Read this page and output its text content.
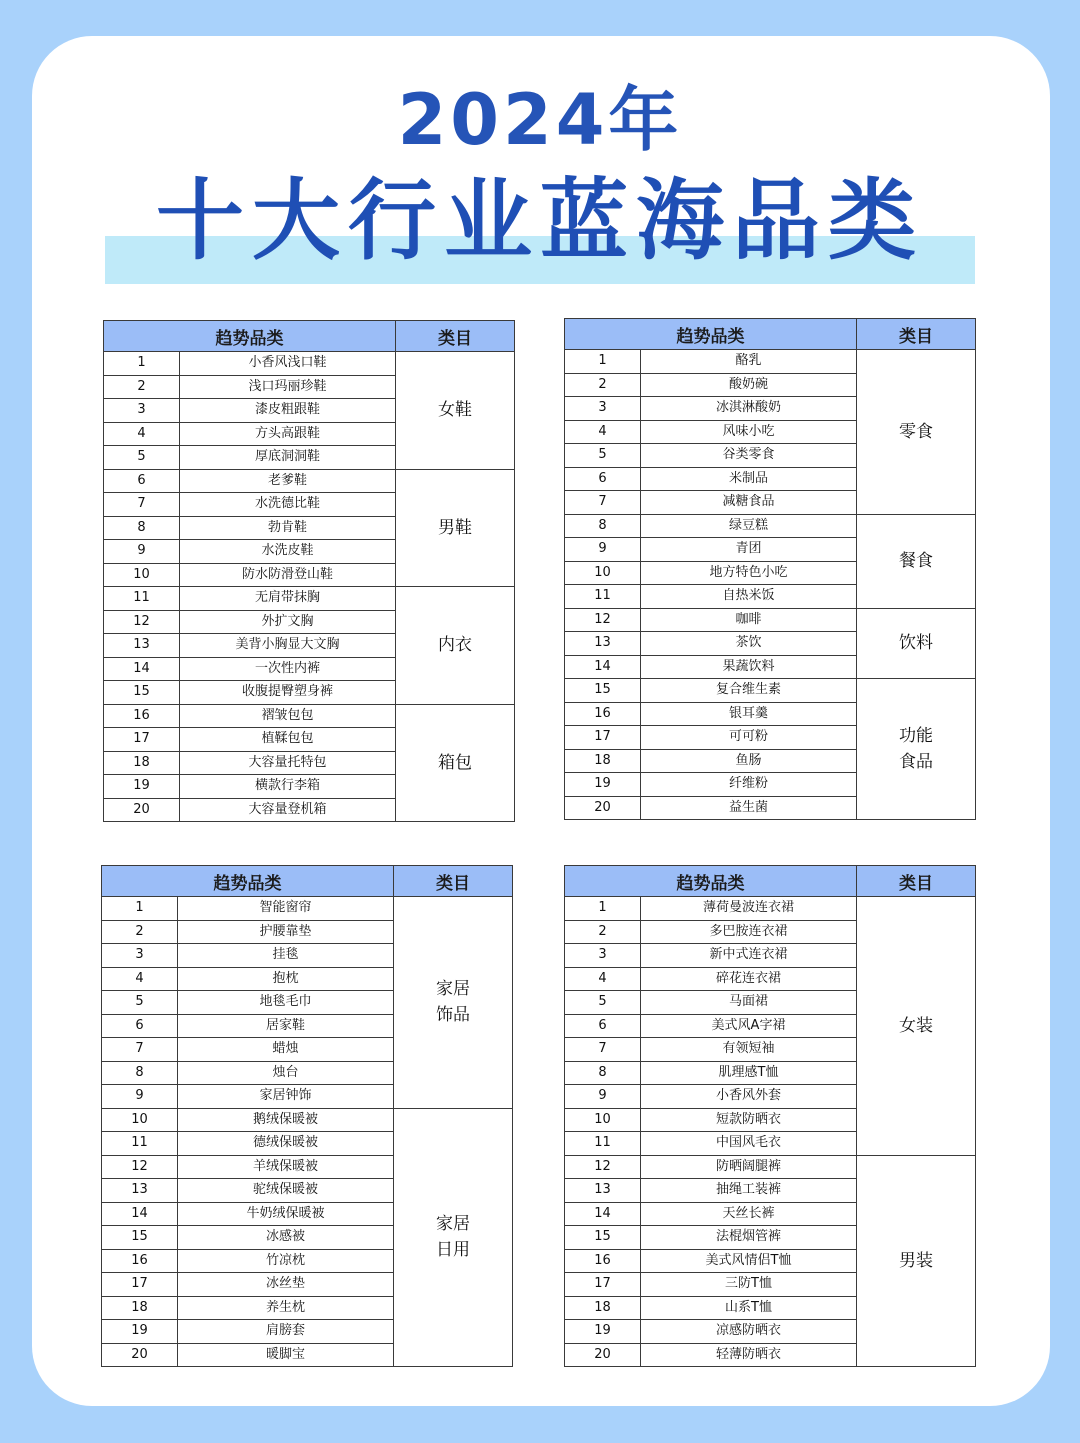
2024年
十大行业蓝海品类
趋势品类		类目
1	小香风浅口鞋	女鞋
2	浅口玛丽珍鞋	
3	漆皮粗跟鞋	
4	方头高跟鞋	
5	厚底洞洞鞋	
6	老爹鞋	男鞋
7	水洗德比鞋	
8	勃肯鞋	
9	水洗皮鞋	
10	防水防滑登山鞋	
11	无肩带抹胸	内衣
12	外扩文胸	
13	美背小胸显大文胸	
14	一次性内裤	
15	收腹提臀塑身裤	
16	褶皱包包	箱包
17	植鞣包包	
18	大容量托特包	
19	横款行李箱	
20	大容量登机箱	
趋势品类		类目
1	酪乳	零食
2	酸奶碗	
3	冰淇淋酸奶	
4	风味小吃	
5	谷类零食	
6	米制品	
7	减糖食品	
8	绿豆糕	餐食
9	青团	
10	地方特色小吃	
11	自热米饭	
12	咖啡	饮料
13	茶饮	
14	果蔬饮料	
15	复合维生素	功能
食品
16	银耳羹	
17	可可粉	
18	鱼肠	
19	纤维粉	
20	益生菌	
趋势品类		类目
1	智能窗帘	家居
饰品
2	护腰靠垫	
3	挂毯	
4	抱枕	
5	地毯毛巾	
6	居家鞋	
7	蜡烛	
8	烛台	
9	家居钟饰	
10	鹅绒保暖被	家居
日用
11	德绒保暖被	
12	羊绒保暖被	
13	驼绒保暖被	
14	牛奶绒保暖被	
15	冰感被	
16	竹凉枕	
17	冰丝垫	
18	养生枕	
19	肩膀套	
20	暖脚宝	
趋势品类		类目
1	薄荷曼波连衣裙	女装
2	多巴胺连衣裙	
3	新中式连衣裙	
4	碎花连衣裙	
5	马面裙	
6	美式风A字裙	
7	有领短袖	
8	肌理感T恤	
9	小香风外套	
10	短款防晒衣	
11	中国风毛衣	
12	防晒阔腿裤	男装
13	抽绳工装裤	
14	天丝长裤	
15	法棍烟管裤	
16	美式风情侣T恤	
17	三防T恤	
18	山系T恤	
19	凉感防晒衣	
20	轻薄防晒衣	
